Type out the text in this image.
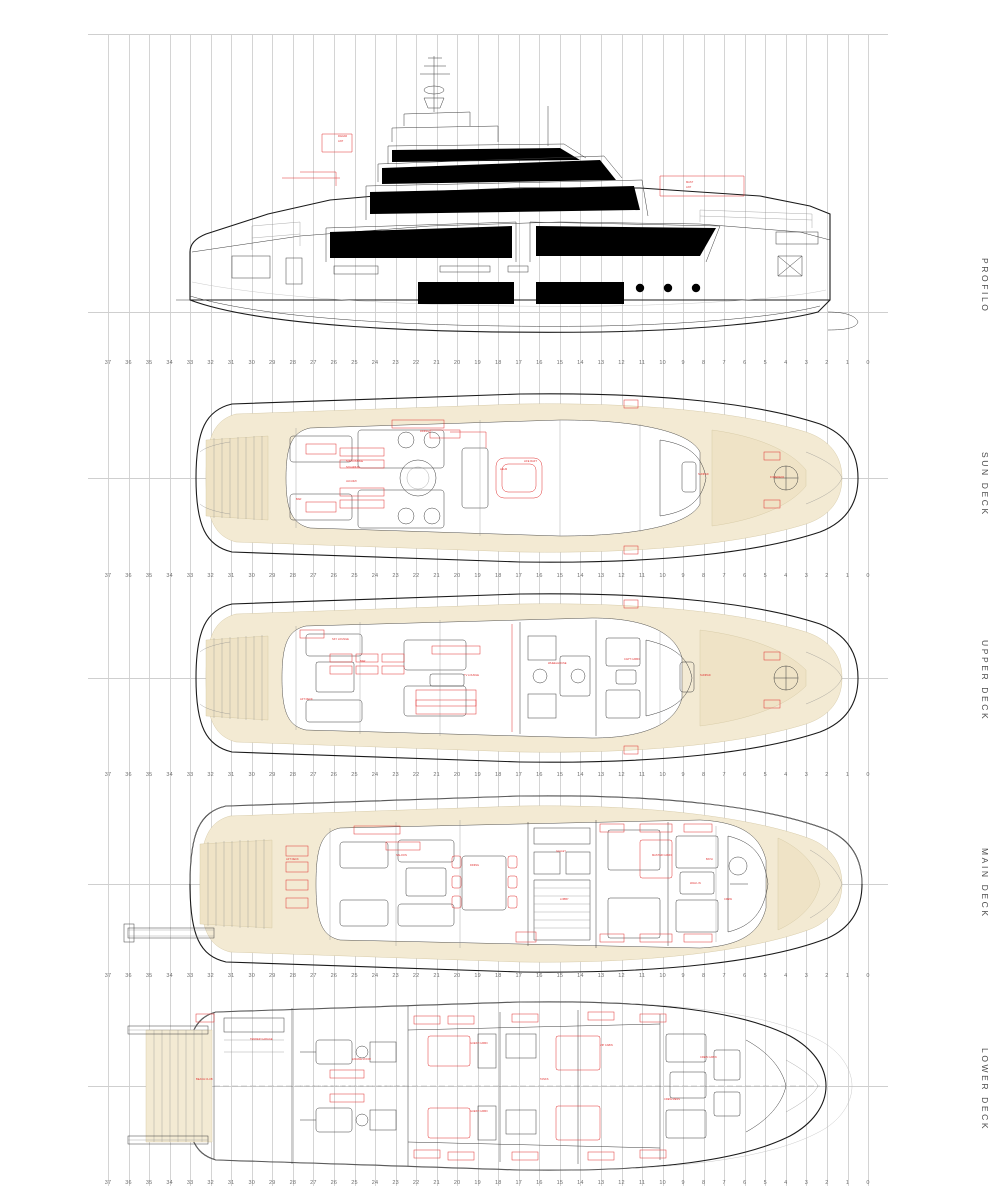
RADAR
ANT
MAST
ANT
SUN LOUNGE
SOLARIUM
JACUZZI
BAR
DINING
HELM
LIFE RAFT
SUNPAD
FOREDECK
SKY LOUNGE
BAR
TV LOUNGE
WHEELHOUSE
CAPT CABIN
SUNPAD
AFT DECK
AFT DECK
SALOON
DINING
GALLEY
LOBBY
MASTER CABIN
WALK-IN
BATH
CREW
ENGINE ROOM
TENDER GARAGE
BEACH CLUB
VIP CABIN
GUEST CABIN
GUEST CABIN
CREW MESS
CREW CABIN
TANKS
37	36	35	34	33	32	31	30	29	28	27	26	25	24	23	22	21	20	19	18	17	16	15	14	13	12	11	10	9	8	7	6	5	4	3	2	1	0
37	36	35	34	33	32	31	30	29	28	27	26	25	24	23	22	21	20	19	18	17	16	15	14	13	12	11	10	9	8	7	6	5	4	3	2	1	0
37	36	35	34	33	32	31	30	29	28	27	26	25	24	23	22	21	20	19	18	17	16	15	14	13	12	11	10	9	8	7	6	5	4	3	2	1	0
37	36	35	34	33	32	31	30	29	28	27	26	25	24	23	22	21	20	19	18	17	16	15	14	13	12	11	10	9	8	7	6	5	4	3	2	1	0
37	36	35	34	33	32	31	30	29	28	27	26	25	24	23	22	21	20	19	18	17	16	15	14	13	12	11	10	9	8	7	6	5	4	3	2	1	0
PROFILO
SUN DECK
UPPER DECK
MAIN DECK
LOWER DECK
